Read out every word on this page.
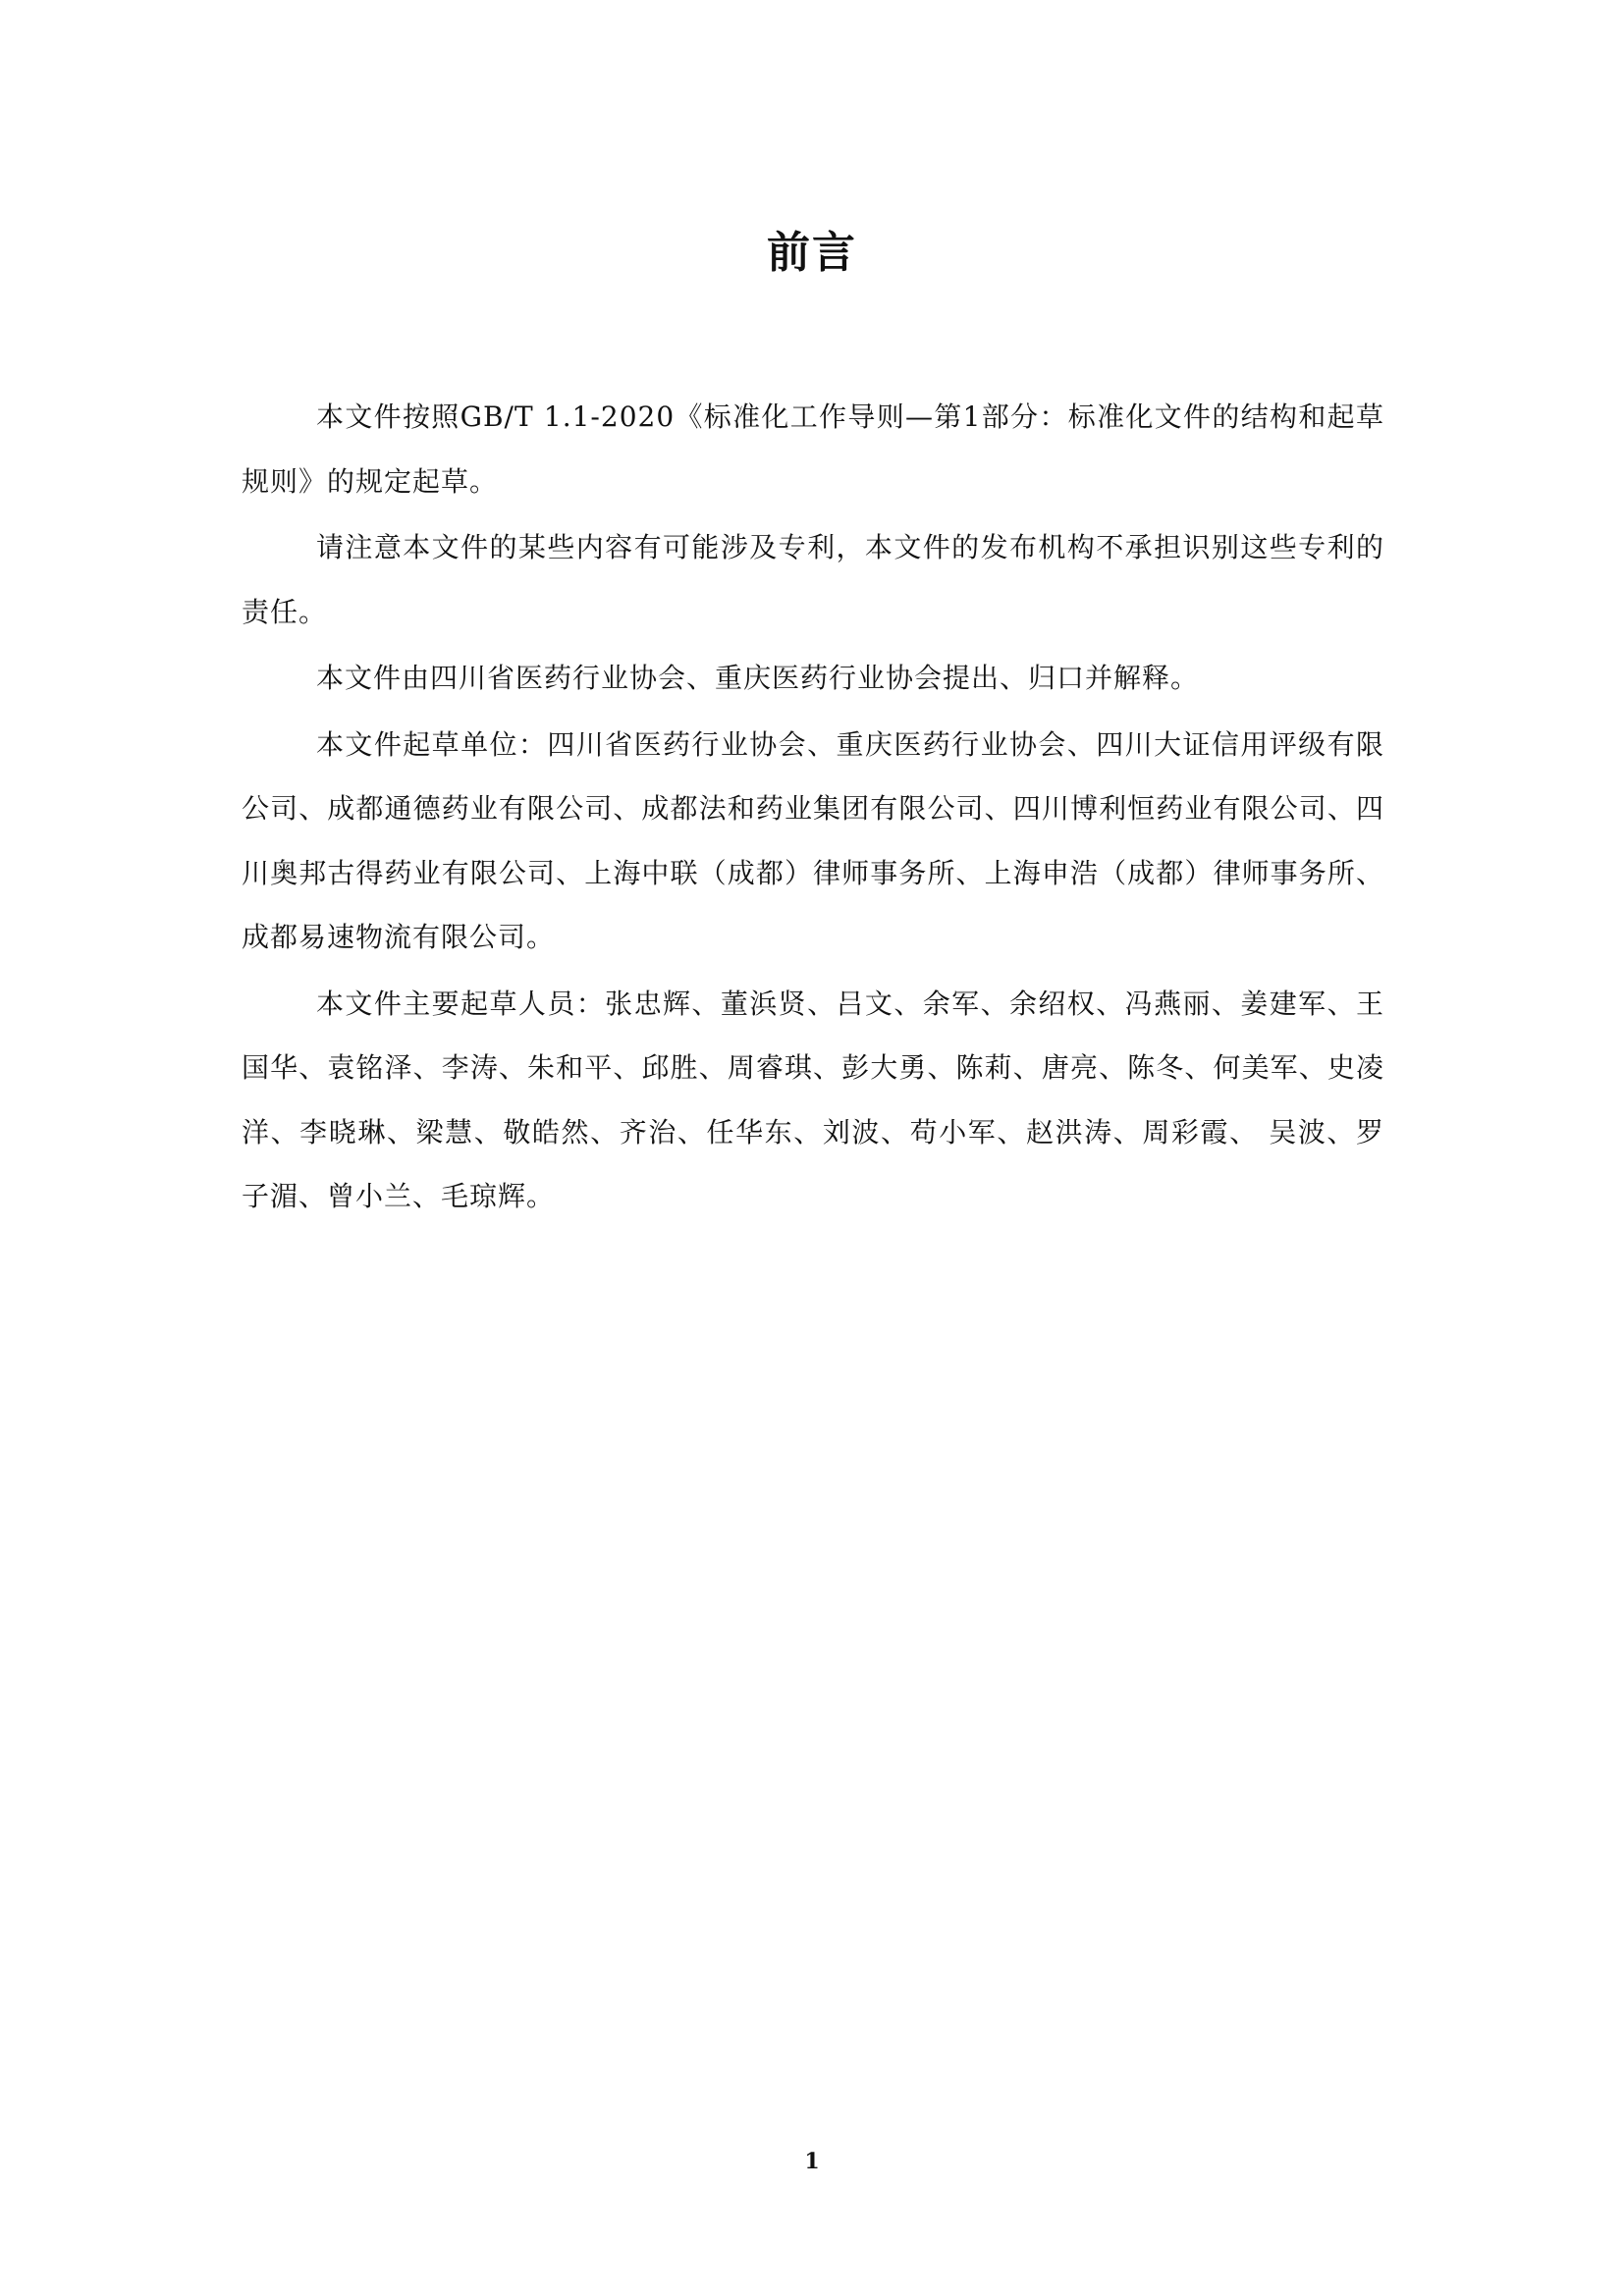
前言

本文件按照GB/T 1.1-2020《标准化工作导则—第1部分：标准化文件的结构和起草规则》的规定起草。

请注意本文件的某些内容有可能涉及专利，本文件的发布机构不承担识别这些专利的责任。

本文件由四川省医药行业协会、重庆医药行业协会提出、归口并解释。

本文件起草单位：四川省医药行业协会、重庆医药行业协会、四川大证信用评级有限公司、成都通德药业有限公司、成都法和药业集团有限公司、四川博利恒药业有限公司、四川奥邦古得药业有限公司、上海中联（成都）律师事务所、上海申浩（成都）律师事务所、成都易速物流有限公司。

本文件主要起草人员：张忠辉、董浜贤、吕文、余军、余绍权、冯燕丽、姜建军、王国华、袁铭泽、李涛、朱和平、邱胜、周睿琪、彭大勇、陈莉、唐亮、陈冬、何美军、史凌洋、李晓琳、梁慧、敬皓然、齐治、任华东、刘波、苟小军、赵洪涛、周彩霞、 吴波、罗子湄、曾小兰、毛琼辉。

1
